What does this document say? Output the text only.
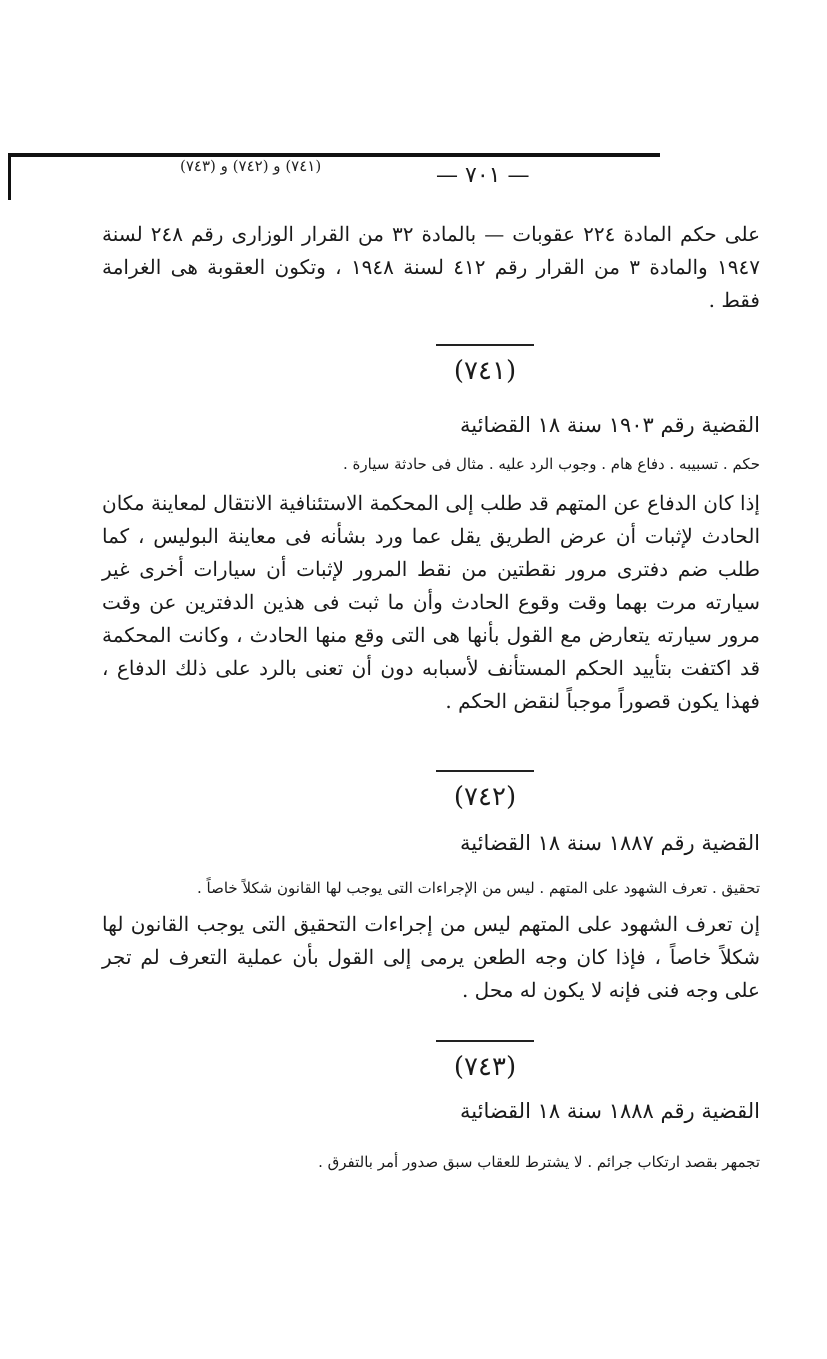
(٧٤١) و (٧٤٢) و (٧٤٣)	— ٧٠١ —
على حكم المادة ٢٢٤ عقوبات — بالمادة ٣٢ من القرار الوزارى رقم ٢٤٨ لسنة ١٩٤٧ والمادة ٣ من القرار رقم ٤١٢ لسنة ١٩٤٨ ، وتكون العقوبة هى الغرامة فقط .
(٧٤١)
القضية رقم ١٩٠٣ سنة ١٨ القضائية
حكم . تسبيبه . دفاع هام . وجوب الرد عليه . مثال فى حادثة سيارة .
إذا كان الدفاع عن المتهم قد طلب إلى المحكمة الاستئنافية الانتقال لمعاينة مكان الحادث لإثبات أن عرض الطريق يقل عما ورد بشأنه فى معاينة البوليس ، كما طلب ضم دفترى مرور نقطتين من نقط المرور لإثبات أن سيارات أخرى غير سيارته مرت بهما وقت وقوع الحادث وأن ما ثبت فى هذين الدفترين عن وقت مرور سيارته يتعارض مع القول بأنها هى التى وقع منها الحادث ، وكانت المحكمة قد اكتفت بتأييد الحكم المستأنف لأسبابه دون أن تعنى بالرد على ذلك الدفاع ، فهذا يكون قصوراً موجباً لنقض الحكم .
(٧٤٢)
القضية رقم ١٨٨٧ سنة ١٨ القضائية
تحقيق . تعرف الشهود على المتهم . ليس من الإجراءات التى يوجب لها القانون شكلاً خاصاً .
إن تعرف الشهود على المتهم ليس من إجراءات التحقيق التى يوجب القانون لها شكلاً خاصاً ، فإذا كان وجه الطعن يرمى إلى القول بأن عملية التعرف لم تجر على وجه فنى فإنه لا يكون له محل .
(٧٤٣)
القضية رقم ١٨٨٨ سنة ١٨ القضائية
تجمهر بقصد ارتكاب جرائم . لا يشترط للعقاب سبق صدور أمر بالتفرق .
